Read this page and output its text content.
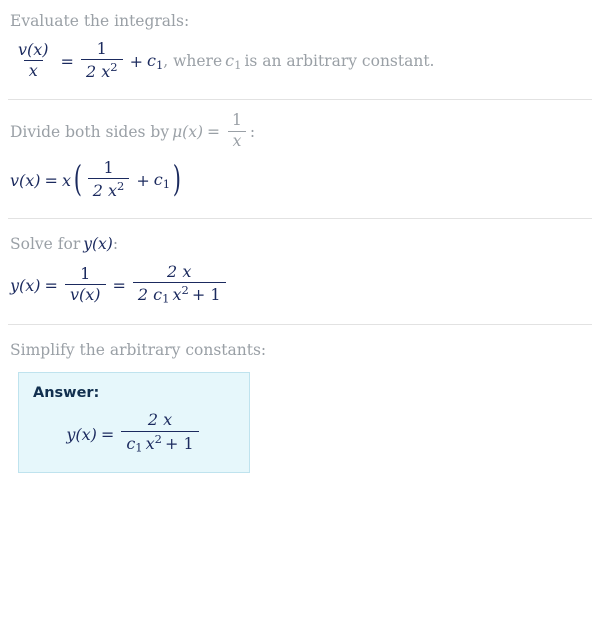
Evaluate the integrals:
$\frac{v(x)}{x} = \frac{1}{2 x^2} + c_1$ , where $c_1$ is an arbitrary constant.
Divide both sides by $\mu(x) = \frac{1}{x}$ :
v(x) = x ( $\frac{1}{2 x^2} + c_1$ )
Solve for y(x) :
$y(x) = \frac{1}{v(x)} = \frac{2 x}{2 c_1 x^2 + 1}$
Simplify the arbitrary constants:
Answer:
$y(x) = \frac{2 x}{c_1 x^2 + 1}$
